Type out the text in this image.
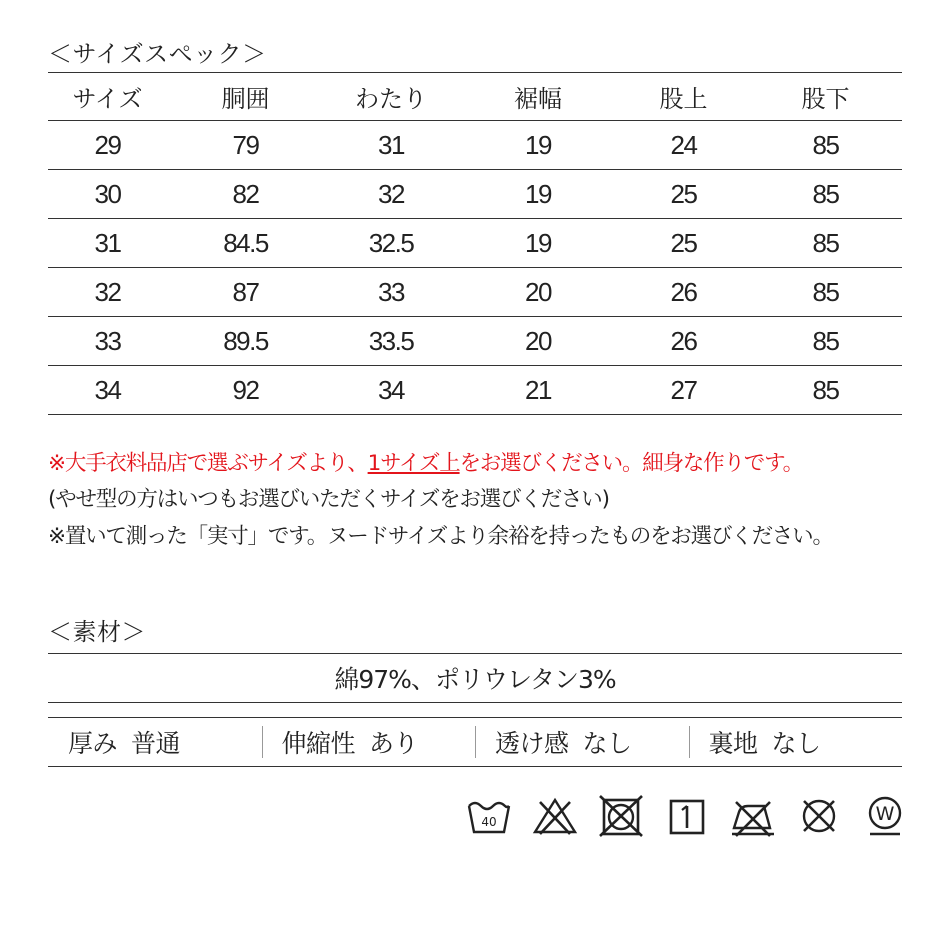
＜サイズスペック＞
サイズ	胴囲	わたり	裾幅	股上	股下
29	79	31	19	24	85
30	82	32	19	25	85
31	84.5	32.5	19	25	85
32	87	33	20	26	85
33	89.5	33.5	20	26	85
34	92	34	21	27	85
※大手衣料品店で選ぶサイズより、1サイズ上をお選びください。細身な作りです。
(やせ型の方はいつもお選びいただくサイズをお選びください)
※置いて測った「実寸」です。ヌードサイズより余裕を持ったものをお選びください。
＜素材＞
綿97%、ポリウレタン3%
厚み 普通	伸縮性 あり	透け感 なし	裏地 なし
40	W
